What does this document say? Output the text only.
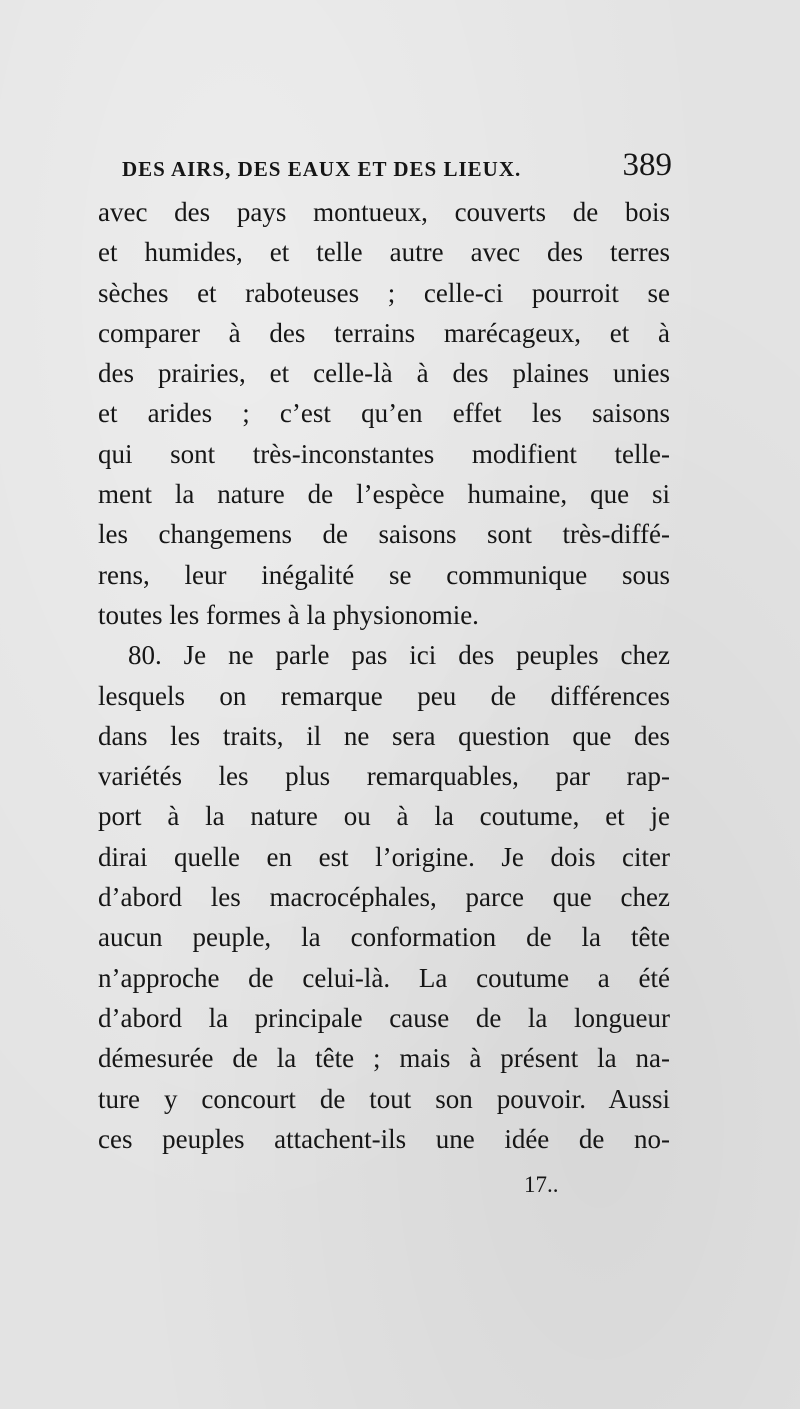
DES AIRS, DES EAUX ET DES LIEUX.	389
avec des pays montueux, couverts de bois
et humides, et telle autre avec des terres
sèches et raboteuses ; celle-ci pourroit se
comparer à des terrains marécageux, et à
des prairies, et celle-là à des plaines unies
et arides ; c’est qu’en effet les saisons
qui sont très-inconstantes modifient telle-
ment la nature de l’espèce humaine, que si
les changemens de saisons sont très-diffé-
rens, leur inégalité se communique sous
toutes les formes à la physionomie.
80. Je ne parle pas ici des peuples chez
lesquels on remarque peu de différences
dans les traits, il ne sera question que des
variétés les plus remarquables, par rap-
port à la nature ou à la coutume, et je
dirai quelle en est l’origine. Je dois citer
d’abord les macrocéphales, parce que chez
aucun peuple, la conformation de la tête
n’approche de celui-là. La coutume a été
d’abord la principale cause de la longueur
démesurée de la tête ; mais à présent la na-
ture y concourt de tout son pouvoir. Aussi
ces peuples attachent-ils une idée de no-
17..
